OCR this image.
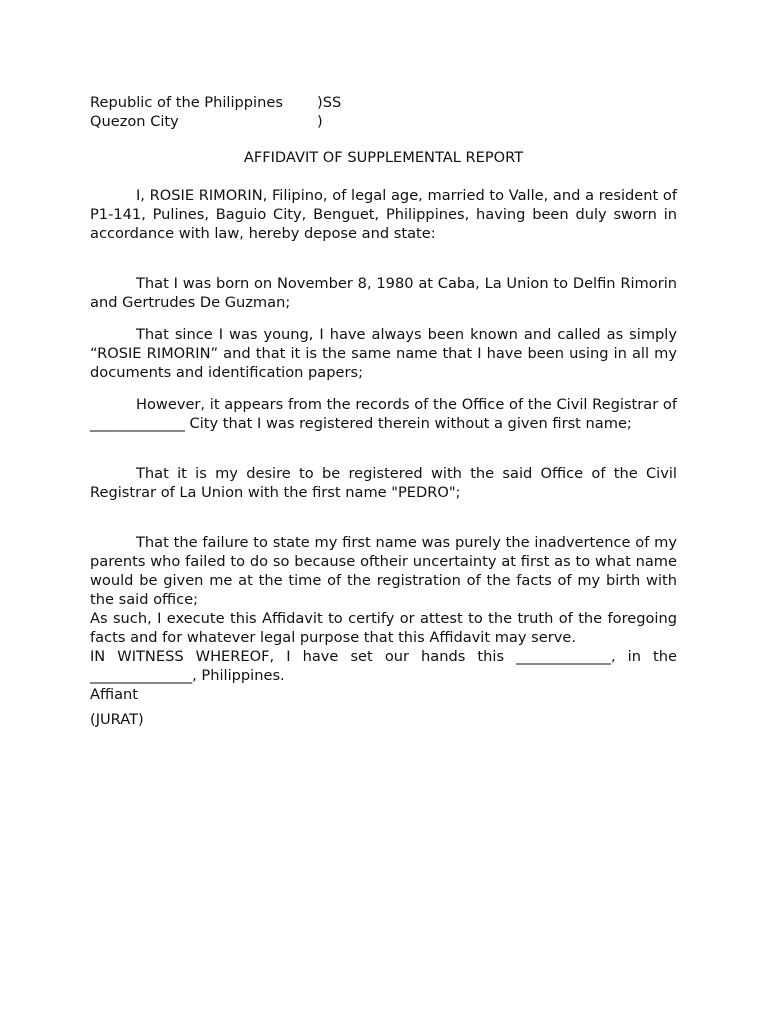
Republic of the Philippines	)SS
Quezon City	)
AFFIDAVIT OF SUPPLEMENTAL REPORT

I, ROSIE RIMORIN, Filipino, of legal age, married to Valle, and a resident of P1-141, Pulines, Baguio City, Benguet, Philippines, having been duly sworn in accordance with law, hereby depose and state:

That I was born on November 8, 1980 at Caba, La Union to Delfin Rimorin and Gertrudes De Guzman;

That since I was young, I have always been known and called as simply “ROSIE RIMORIN” and that it is the same name that I have been using in all my documents and identification papers;

However, it appears from the records of the Office of the Civil Registrar of _____________ City that I was registered therein without a given first name;

That it is my desire to be registered with the said Office of the Civil Registrar of La Union with the first name "PEDRO";

That the failure to state my first name was purely the inadvertence of my parents who failed to do so because oftheir uncertainty at first as to what name would be given me at the time of the registration of the facts of my birth with the said office;

As such, I execute this Affidavit to certify or attest to the truth of the foregoing facts and for whatever legal purpose that this Affidavit may serve.

IN WITNESS WHEREOF, I have set our hands this _____________, in the ______________, Philippines.

Affiant

(JURAT)
